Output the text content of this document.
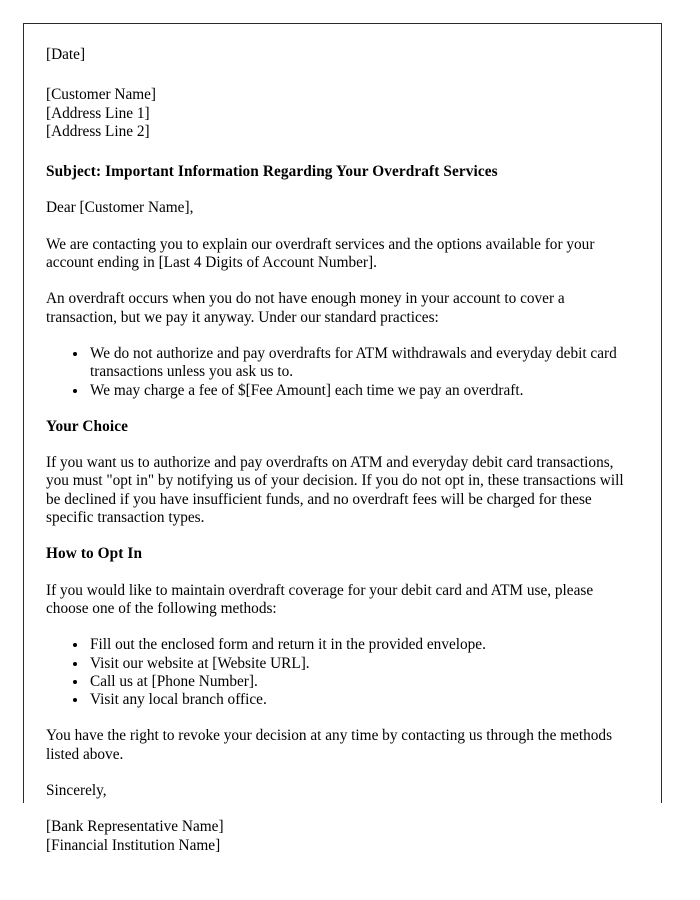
[Date]
[Customer Name]
[Address Line 1]
[Address Line 2]
Subject: Important Information Regarding Your Overdraft Services

Dear [Customer Name],

We are contacting you to explain our overdraft services and the options available for your account ending in [Last 4 Digits of Account Number].

An overdraft occurs when you do not have enough money in your account to cover a transaction, but we pay it anyway. Under our standard practices:

• We do not authorize and pay overdrafts for ATM withdrawals and everyday debit card transactions unless you ask us to.
• We may charge a fee of $[Fee Amount] each time we pay an overdraft.
Your Choice

If you want us to authorize and pay overdrafts on ATM and everyday debit card transactions, you must "opt in" by notifying us of your decision. If you do not opt in, these transactions will be declined if you have insufficient funds, and no overdraft fees will be charged for these specific transaction types.

How to Opt In

If you would like to maintain overdraft coverage for your debit card and ATM use, please choose one of the following methods:

• Fill out the enclosed form and return it in the provided envelope.
• Visit our website at [Website URL].
• Call us at [Phone Number].
• Visit any local branch office.

You have the right to revoke your decision at any time by contacting us through the methods listed above.

Sincerely,

[Bank Representative Name]
[Financial Institution Name]
